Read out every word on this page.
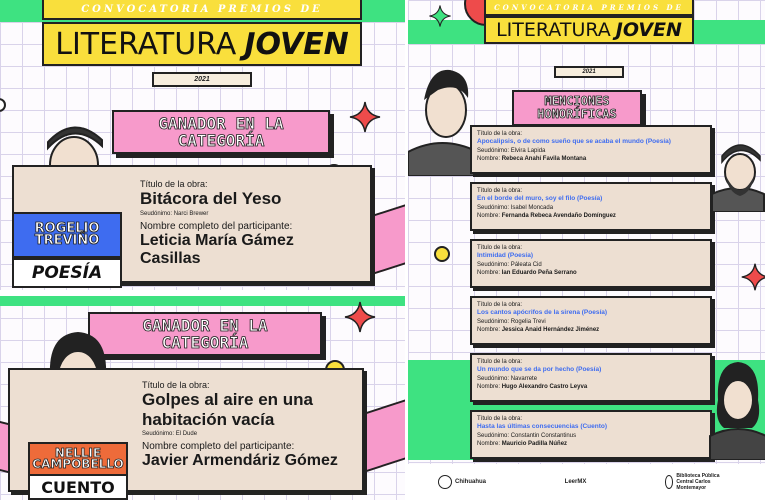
CONVOCATORIA PREMIOS DE
LITERATURA JOVEN
2021
GANADOR EN LA CATEGORÍA
Título de la obra:
Bitácora del Yeso
Seudónimo: Narci Brewer
Nombre completo del participante:
Leticia María Gámez Casillas
ROGELIO
TREVIÑO
POESÍA
GANADOR EN LA CATEGORÍA
Título de la obra:
Golpes al aire en una habitación vacía
Seudónimo: El Dude
Nombre completo del participante:
Javier Armendáriz Gómez
NELLIE
CAMPOBELLO
CUENTO
CONVOCATORIA PREMIOS DE
LITERATURA JOVEN
2021
MENCIONES HONORÍFICAS
Título de la obra:
Apocalipsis, o de como sueño que se acaba el mundo (Poesía)
Seudónimo: Elvira Lapida
Nombre: Rebeca Anahí Favila Montana
Título de la obra:
En el borde del muro, soy el filo (Poesía)
Seudónimo: Isabel Moncada
Nombre: Fernanda Rebeca Avendaño Domínguez
Título de la obra:
Intimidad (Poesía)
Seudónimo: Páleata Cid
Nombre: Ian Eduardo Peña Serrano
Título de la obra:
Los cantos apócrifos de la sirena (Poesía)
Seudónimo: Rogelia Trevi
Nombre: Jessica Anaid Hernández Jiménez
Título de la obra:
Un mundo que se da por hecho (Poesía)
Seudónimo: Navarrete
Nombre: Hugo Alexandro Castro Leyva
Título de la obra:
Hasta las últimas consecuencias (Cuento)
Seudónimo: Constantin Constantinus
Nombre: Mauricio Padilla Núñez
Chihuahua	LeerMX
Biblioteca Pública Central Carlos Montemayor
